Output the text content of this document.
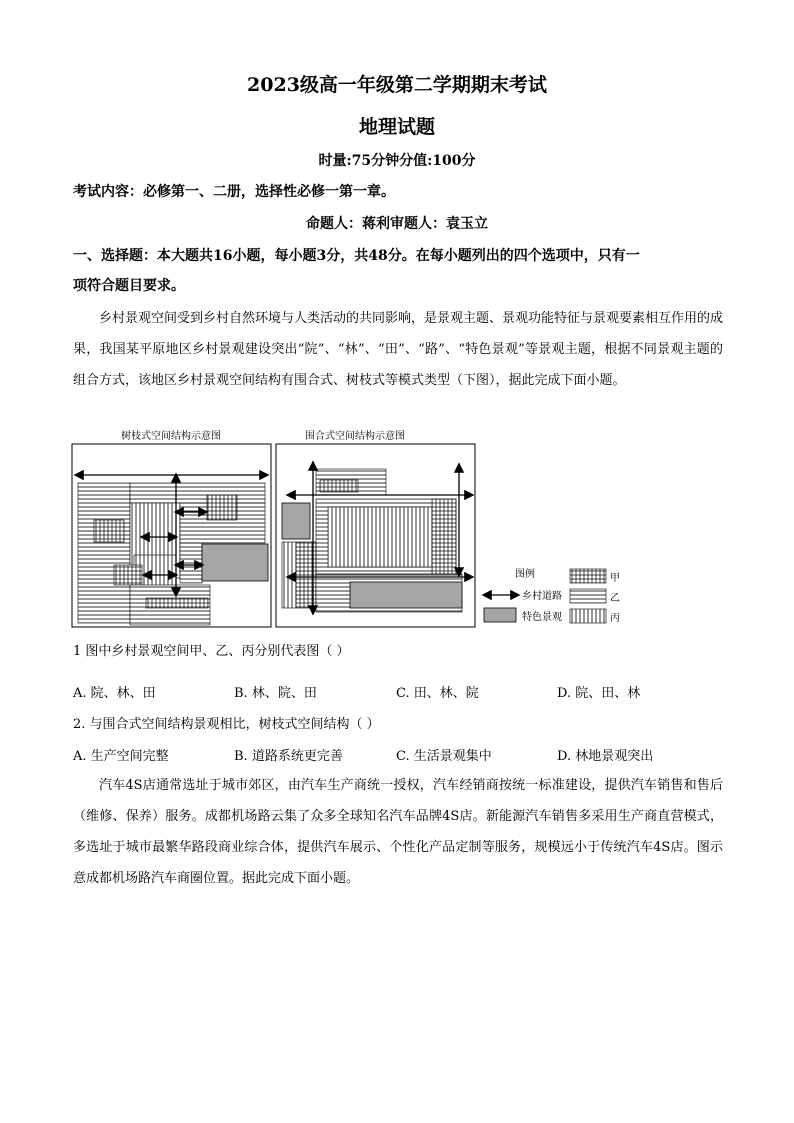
2023级高一年级第二学期期末考试
地理试题
时量:75分钟分值:100分
考试内容：必修第一、二册，选择性必修一第一章。
命题人：蒋利审题人：袁玉立
一、选择题：本大题共16小题，每小题3分，共48分。在每小题列出的四个选项中，只有一
项符合题目要求。

乡村景观空间受到乡村自然环境与人类活动的共同影响，是景观主题、景观功能特征与景观要素相互作用的成果，我国某平原地区乡村景观建设突出“院”、“林”、“田”、“路”、“特色景观”等景观主题，根据不同景观主题的组合方式，该地区乡村景观空间结构有围合式、树枝式等模式类型（下图），据此完成下面小题。

树枝式空间结构示意图	围合式空间结构示意图
图例	甲
乡村道路	乙
特色景观	丙
1 图中乡村景观空间甲、乙、丙分别代表图（ ）
A. 院、林、田	B. 林、院、田	C. 田、林、院	D. 院、田、林
2. 与围合式空间结构景观相比，树枝式空间结构（ ）
A. 生产空间完整	B. 道路系统更完善	C. 生活景观集中	D. 林地景观突出

汽车4S店通常选址于城市郊区，由汽车生产商统一授权，汽车经销商按统一标准建设，提供汽车销售和售后（维修、保养）服务。成都机场路云集了众多全球知名汽车品牌4S店。新能源汽车销售多采用生产商直营模式，多选址于城市最繁华路段商业综合体，提供汽车展示、个性化产品定制等服务，规模远小于传统汽车4S店。图示意成都机场路汽车商圈位置。据此完成下面小题。
